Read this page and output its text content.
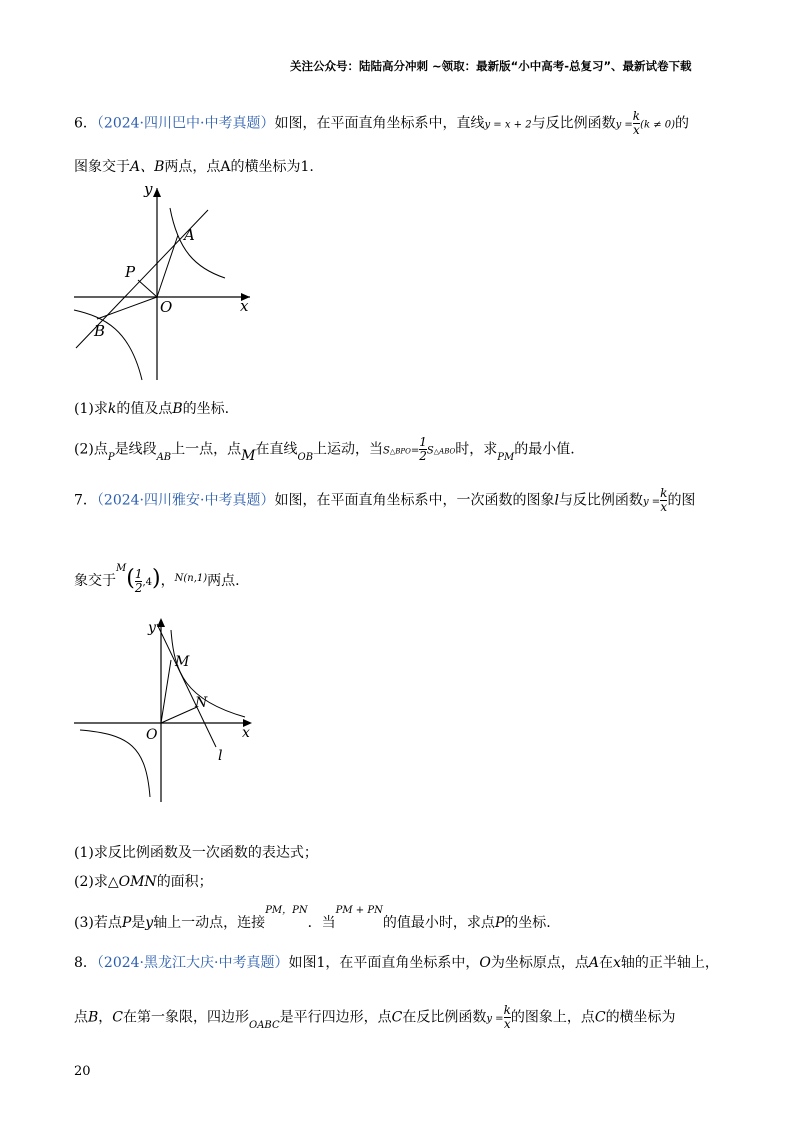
关注公众号：陆陆高分冲刺 ~领取：最新版“小中高考-总复习”、最新试卷下载
6．（2024·四川巴中·中考真题）如图，在平面直角坐标系中，直线y = x + 2与反比例函数$y = \frac{k}{x} (k \ne 0)$的
图象交于A、B两点，点A的横坐标为1.
y
x
O
A
B
P
(1)求k的值及点B的坐标.
(2)点$_P$是线段$_{AB}$上一点，点M在直线$_{OB}$上运动，当S△BPO= $\frac{1}{2}$ S△ABO时，求$_{PM}$的最小值.
7．（2024·四川雅安·中考真题）如图，在平面直角坐标系中，一次函数的图象l与反比例函数$y = \frac{k}{x}$ 的图
象交于$^M( \frac{1}{2} ,4)$，$^{N(n,1)}$两点.
y
x
O
M
N
l
(1)求反比例函数及一次函数的表达式；
(2)求△OMN的面积；
(3)若点P是y轴上一动点，连接$^{PM,PN}$．当$^{PM + PN}$的值最小时，求点P的坐标.
8．（2024·黑龙江大庆·中考真题）如图1，在平面直角坐标系中，O为坐标原点，点A在x轴的正半轴上，
点B，C在第一象限，四边形$_{OABC}$是平行四边形，点C在反比例函数$y = \frac{k}{x}$ 的图象上，点C的横坐标为
20
